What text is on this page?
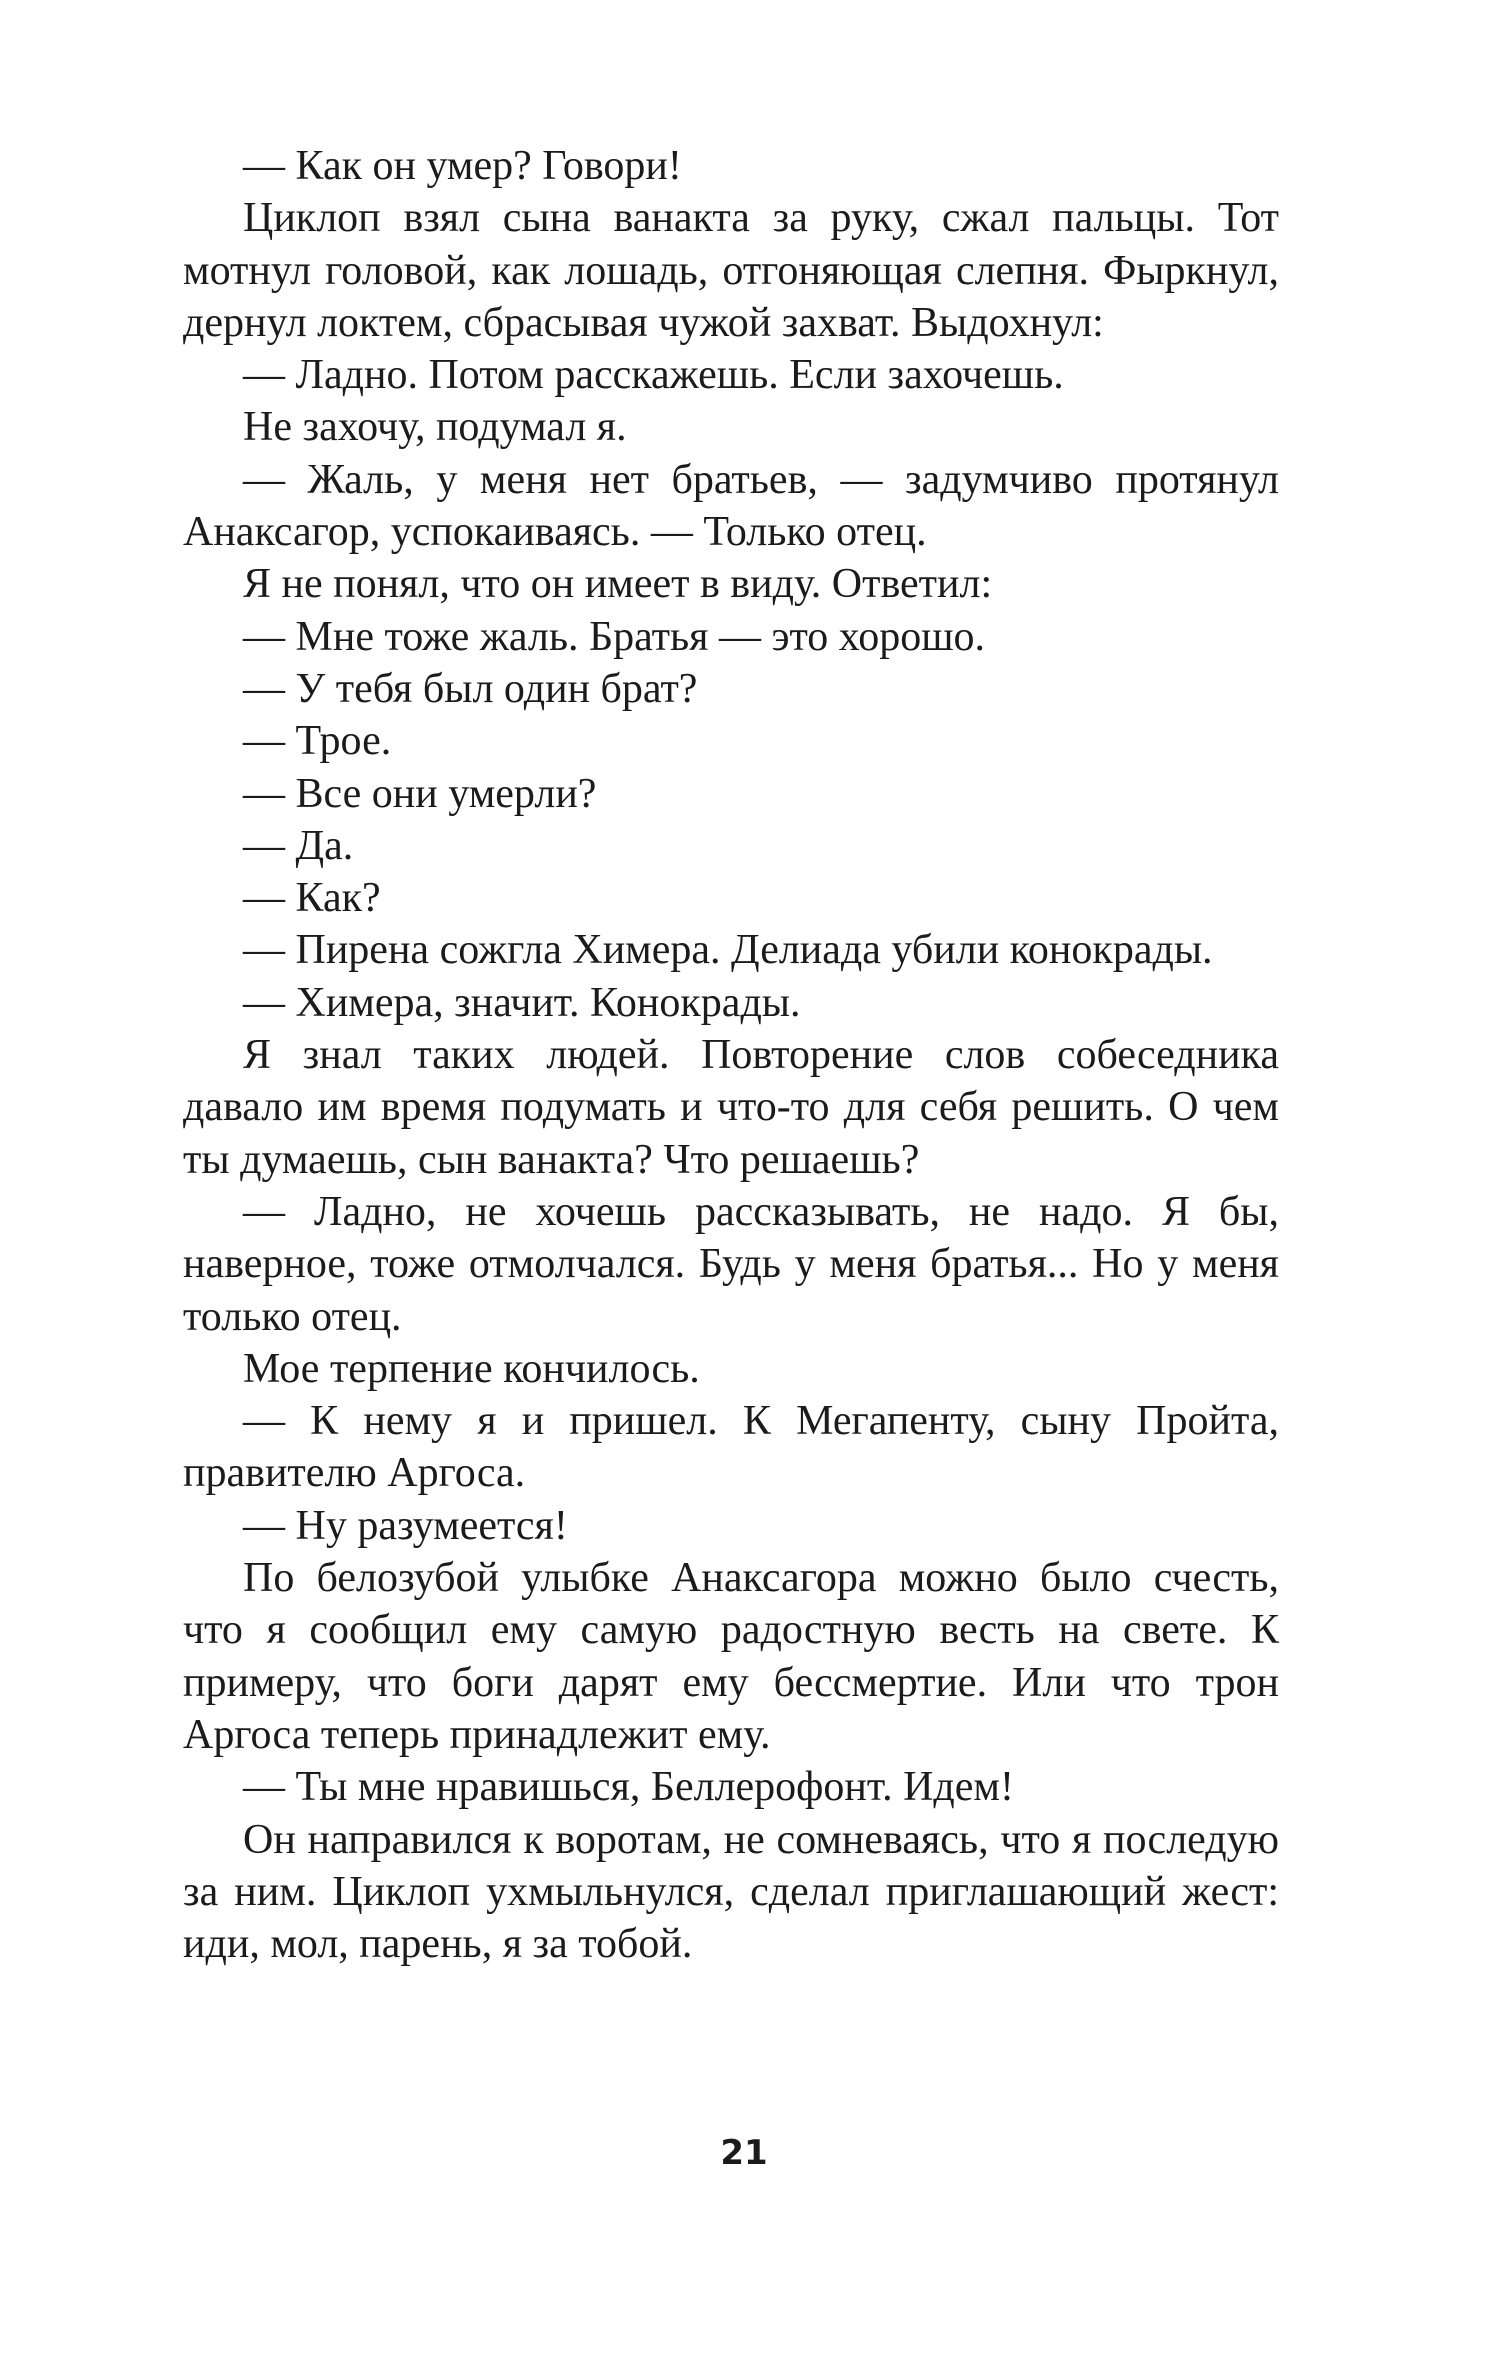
— Как он умер? Говори!

Циклоп взял сына ванакта за руку, сжал пальцы. Тот мотнул головой, как лошадь, отгоняющая слепня. Фыркнул, дернул локтем, сбрасывая чужой захват. Выдохнул:

— Ладно. Потом расскажешь. Если захочешь.

Не захочу, подумал я.

— Жаль, у меня нет братьев, — задумчиво протянул Анаксагор, успокаиваясь. — Только отец.

Я не понял, что он имеет в виду. Ответил:

— Мне тоже жаль. Братья — это хорошо.

— У тебя был один брат?

— Трое.

— Все они умерли?

— Да.

— Как?

— Пирена сожгла Химера. Делиада убили конокрады.

— Химера, значит. Конокрады.

Я знал таких людей. Повторение слов собеседника давало им время подумать и что-то для себя решить. О чем ты думаешь, сын ванакта? Что решаешь?

— Ладно, не хочешь рассказывать, не надо. Я бы, наверное, тоже отмолчался. Будь у меня братья... Но у меня только отец.

Мое терпение кончилось.

— К нему я и пришел. К Мегапенту, сыну Пройта, правителю Аргоса.

— Ну разумеется!

По белозубой улыбке Анаксагора можно было счесть, что я сообщил ему самую радостную весть на свете. К примеру, что боги дарят ему бессмертие. Или что трон Аргоса теперь принадлежит ему.

— Ты мне нравишься, Беллерофонт. Идем!

Он направился к воротам, не сомневаясь, что я последую за ним. Циклоп ухмыльнулся, сделал приглашающий жест: иди, мол, парень, я за тобой.

21
